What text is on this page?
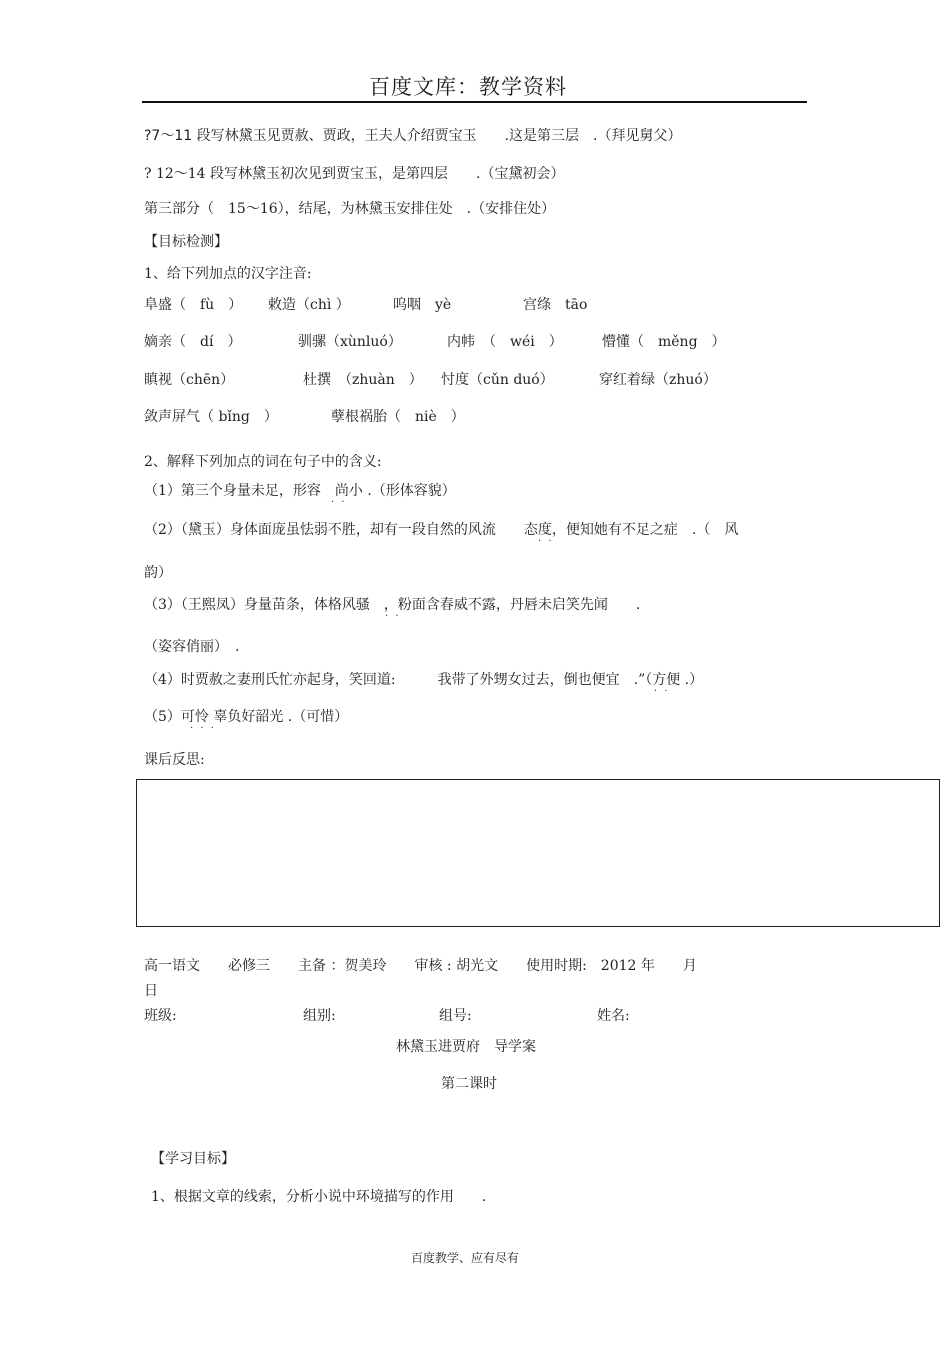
百度文库：教学资料
?7～11 段写林黛玉见贾赦、贾政，王夫人介绍贾宝玉　　.这是第三层　.（拜见舅父）
? 12～14 段写林黛玉初次见到贾宝玉，是第四层　　.（宝黛初会）
第三部分（　15～16），结尾，为林黛玉安排住处　.（安排住处）
【目标检测】
1、给下列加点的汉字注音:
阜盛（　fù　） 敕造（chì ）	呜咽　yè	宫绦　tāo
嫡亲（　dí　）	驯骡（xùnluó）	内帏　（　wéi　）	懵懂（　měng　）
瞋视（chēn）	杜撰　（zhuàn　） 忖度（cǔn duó）	穿红着绿（zhuó）
敛声屏气（ bǐng　）	孽根祸胎（　niè　）
2、解释下列加点的词在句子中的含义:
（1）第三个身量未足，形容　尚小 .（形体容貌）
· ·
（2）（黛玉）身体面庞虽怯弱不胜，却有一段自然的风流　　态度，便知她有不足之症　.（　风
· ·
韵）
（3）（王熙凤）身量苗条，体格风骚　，粉面含春威不露，丹唇未启笑先闻　　.
· ·
（姿容俏丽）　.
（4）时贾赦之妻刑氏忙亦起身，笑回道:　　　我带了外甥女过去，倒也便宜　.”（方便 .）
· ·
（5）可怜 辜负好韶光 .（可惜）
· · ·
课后反思:
高一语文　　必修三　　主备 ：贺美玲　　审核 : 胡光文　　使用时期:　2012 年　　月
日
班级:	组别:	组号:	姓名:
林黛玉进贾府　导学案
第二课时
【学习目标】
1、根据文章的线索，分析小说中环境描写的作用　　.
百度教学、应有尽有
